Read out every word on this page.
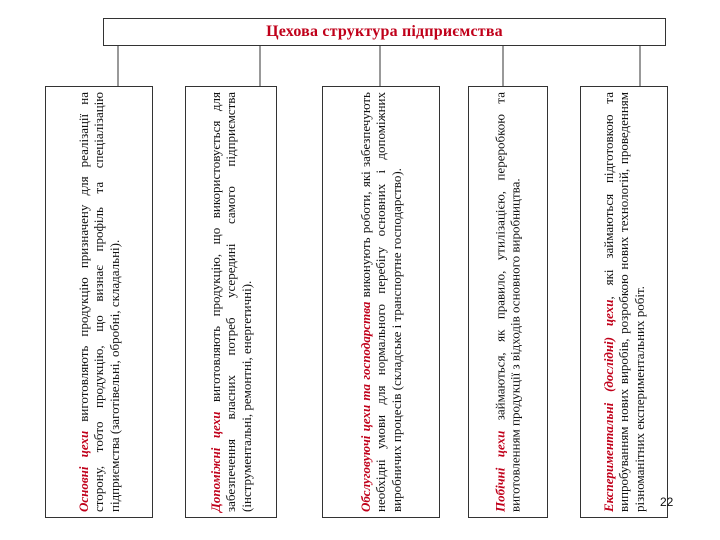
Цехова структура підприємства
Основні цехи виготовляють продукцію призначену для реалізації на сторону, тобто продукцію, що визнає профіль та спеціалізацію підприємства (заготівельні, обробні, складальні).	Допоміжні цехи виготовляють продукцію, що використовується для забезпечення власних потреб усередині самого підприємства (інструментальні, ремонтні, енергетичні).	Обслуговуючі цехи та господарства виконують роботи, які забезпечують необхідні умови для нормального перебігу основних і допоміжних виробничих процесів (складське і транспортне господарство).	Побічні цехи займаються, як правило, утилізацією, переробкою та виготовленням продукції з відходів основного виробництва.	Експериментальні (дослідні) цехи, які займаються підготовкою та випробуванням нових виробів, розробкою нових технологій, проведенням різноманітних експериментальних робіт. 22
